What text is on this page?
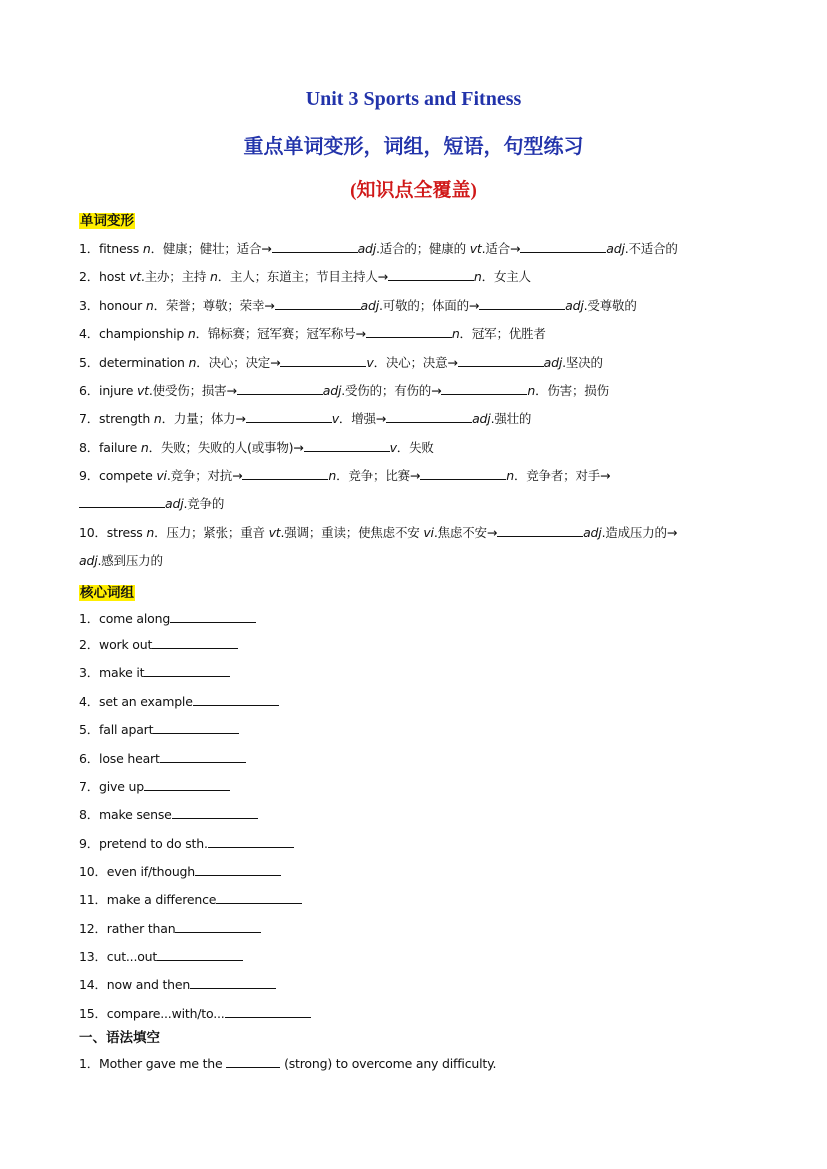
Unit 3 Sports and Fitness
重点单词变形，词组，短语，句型练习
(知识点全覆盖)
单词变形
1．fitness n．健康；健壮；适合→	adj.适合的；健康的 vt.适合→	adj.不适合的
2．host vt.主办；主持 n．主人；东道主；节目主持人→	n．女主人
3．honour n．荣誉；尊敬；荣幸→	adj.可敬的；体面的→	adj.受尊敬的
4．championship n．锦标赛；冠军赛；冠军称号→	n．冠军；优胜者
5．determination n．决心；决定→	v．决心；决意→	adj.坚决的
6．injure vt.使受伤；损害→	adj.受伤的；有伤的→	n．伤害；损伤
7．strength n．力量；体力→	v．增强→	adj.强壮的
8．failure n．失败；失败的人(或事物)→	v．失败
9．compete vi.竞争；对抗→	n．竞争；比赛→	n．竞争者；对手→
adj.竞争的
10．stress n．压力；紧张；重音 vt.强调；重读；使焦虑不安 vi.焦虑不安→	adj.造成压力的→
adj.感到压力的
核心词组
1．come along
2．work out
3．make it
4．set an example
5．fall apart
6．lose heart
7．give up
8．make sense
9．pretend to do sth.
10．even if/though
11．make a difference
12．rather than
13．cut...out
14．now and then
15．compare...with/to...
一、语法填空
1．Mother gave me the	(strong) to overcome any difficulty.
